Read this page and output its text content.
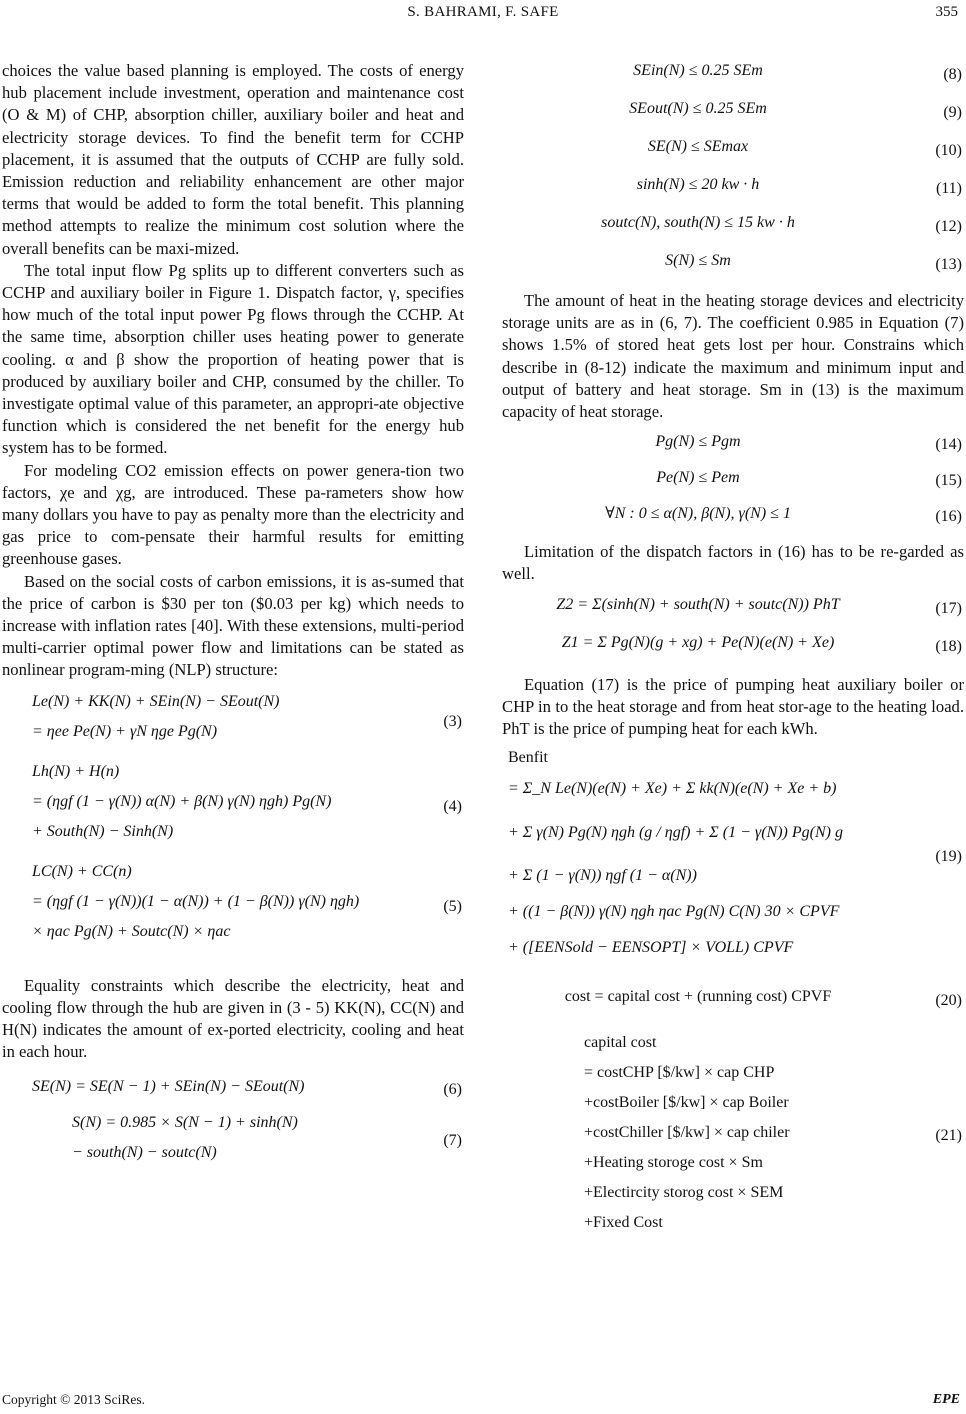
S. BAHRAMI, F. SAFE	355

choices the value based planning is employed. The costs of energy hub placement include investment, operation and maintenance cost (O & M) of CHP, absorption chiller, auxiliary boiler and heat and electricity storage devices. To find the benefit term for CCHP placement, it is assumed that the outputs of CCHP are fully sold. Emission reduction and reliability enhancement are other major terms that would be added to form the total benefit. This planning method attempts to realize the minimum cost solution where the overall benefits can be maxi-mized.

The total input flow Pg splits up to different converters such as CCHP and auxiliary boiler in Figure 1. Dispatch factor, γ, specifies how much of the total input power Pg flows through the CCHP. At the same time, absorption chiller uses heating power to generate cooling. α and β show the proportion of heating power that is produced by auxiliary boiler and CHP, consumed by the chiller. To investigate optimal value of this parameter, an appropri-ate objective function which is considered the net benefit for the energy hub system has to be formed.

For modeling CO2 emission effects on power genera-tion two factors, χe and χg, are introduced. These pa-rameters show how many dollars you have to pay as penalty more than the electricity and gas price to com-pensate their harmful results for emitting greenhouse gases.

Based on the social costs of carbon emissions, it is as-sumed that the price of carbon is $30 per ton ($0.03 per kg) which needs to increase with inflation rates [40]. With these extensions, multi-period multi-carrier optimal power flow and limitations can be stated as nonlinear program-ming (NLP) structure:

Le(N) + KK(N) + SEin(N) − SEout(N)
= ηee Pe(N) + γN ηge Pg(N)
(3)
Lh(N) + H(n)
= (ηgf (1 − γ(N)) α(N) + β(N) γ(N) ηgh) Pg(N)
+ South(N) − Sinh(N)
(4)
LC(N) + CC(n)
= (ηgf (1 − γ(N))(1 − α(N)) + (1 − β(N)) γ(N) ηgh)
× ηac Pg(N) + Soutc(N) × ηac
(5)

Equality constraints which describe the electricity, heat and cooling flow through the hub are given in (3 - 5) KK(N), CC(N) and H(N) indicates the amount of ex-ported electricity, cooling and heat in each hour.

SE(N) = SE(N − 1) + SEin(N) − SEout(N)	(6)
S(N) = 0.985 × S(N − 1) + sinh(N)
− south(N) − soutc(N)
(7)
SEin(N) ≤ 0.25 SEm	(8)
SEout(N) ≤ 0.25 SEm	(9)
SE(N) ≤ SEmax	(10)
sinh(N) ≤ 20 kw · h	(11)
soutc(N), south(N) ≤ 15 kw · h	(12)
S(N) ≤ Sm	(13)

The amount of heat in the heating storage devices and electricity storage units are as in (6, 7). The coefficient 0.985 in Equation (7) shows 1.5% of stored heat gets lost per hour. Constrains which describe in (8-12) indicate the maximum and minimum input and output of battery and heat storage. Sm in (13) is the maximum capacity of heat storage.

Pg(N) ≤ Pgm	(14)
Pe(N) ≤ Pem	(15)
∀N : 0 ≤ α(N), β(N), γ(N) ≤ 1	(16)

Limitation of the dispatch factors in (16) has to be re-garded as well.

Z2 = Σ(sinh(N) + south(N) + soutc(N)) PhT	(17)
Z1 = Σ Pg(N)(g + xg) + Pe(N)(e(N) + Xe)	(18)

Equation (17) is the price of pumping heat auxiliary boiler or CHP in to the heat storage and from heat stor-age to the heating load. PhT is the price of pumping heat for each kWh.

Benfit
= Σ_N Le(N)(e(N) + Xe) + Σ kk(N)(e(N) + Xe + b)
+ Σ γ(N) Pg(N) ηgh (g / ηgf) + Σ (1 − γ(N)) Pg(N) g
+ Σ (1 − γ(N)) ηgf (1 − α(N))
+ ((1 − β(N)) γ(N) ηgh ηac Pg(N) C(N) 30 × CPVF
+ ([EENSold − EENSOPT] × VOLL) CPVF
(19)
cost = capital cost + (running cost) CPVF	(20)
capital cost
= costCHP [$/kw] × cap CHP
+costBoiler [$/kw] × cap Boiler
+costChiller [$/kw] × cap chiler
+Heating storoge cost × Sm
+Electircity storog cost × SEM
+Fixed Cost
(21)
Copyright © 2013 SciRes.	EPE
